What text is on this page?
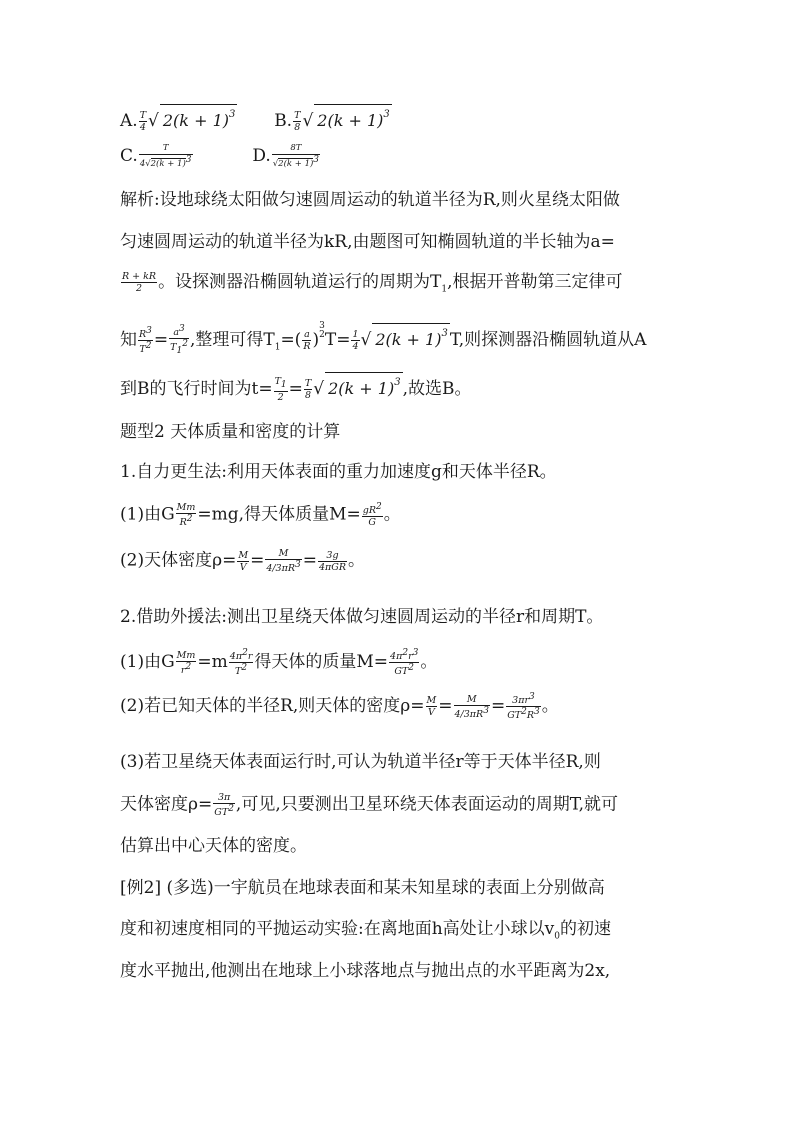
A. $\frac{T}{4}$ √ $2(k + 1)^3$ B. $\frac{T}{8}$ √ $2(k + 1)^3$
C. $\frac{T}{4√2(k + 1)^3}$	D. $\frac{8T}{√2(k + 1)^3}$
解析:设地球绕太阳做匀速圆周运动的轨道半径为R,则火星绕太阳做
匀速圆周运动的轨道半径为kR,由题图可知椭圆轨道的半长轴为a=
$\frac{R + kR}{2}$ 。设探测器沿椭圆轨道运行的周期为$T_1$,根据开普勒第三定律可
知 $\frac{R^3}{T^2} = \frac{a^3}{T_1^2}$ ,整理可得$T_1=( \frac{a}{R} )^{3 2}T= \frac{1}{4}$ √ $2(k + 1)^3$ T,则探测器沿椭圆轨道从A
到B的飞行时间为$t= \frac{T_1}{2} = \frac{T}{8}$ √ $2(k + 1)^3$ ,故选B。
题型2 天体质量和密度的计算
1.自力更生法:利用天体表面的重力加速度g和天体半径R。
(1)由G $\frac{Mm}{R^2} =mg$,得天体质量$M= \frac{gR^2}{G}$ 。
(2)天体密度$\rho= \frac{M}{V} = \frac{M}{4/3\pi R^3} = \frac{3g}{\text{4πGR}}$ 。
2.借助外援法:测出卫星绕天体做匀速圆周运动的半径r和周期T。
(1)由G $\frac{Mm}{r^2} =m \frac{4\pi^2r}{T^2}$ 得天体的质量$M= \frac{4\pi^2r^3}{GT^2}$ 。
(2)若已知天体的半径R,则天体的密度$\rho= \frac{M}{V} = \frac{M}{4/3\pi R^3} = \frac{3\pi r^3}{GT^2R^3}$ 。
(3)若卫星绕天体表面运行时,可认为轨道半径r等于天体半径R,则
天体密度$\rho= \frac{3\pi}{GT^2}$ ,可见,只要测出卫星环绕天体表面运动的周期T,就可
估算出中心天体的密度。
[例2] (多选)一宇航员在地球表面和某未知星球的表面上分别做高
度和初速度相同的平抛运动实验:在离地面h高处让小球以$v_0$的初速
度水平抛出,他测出在地球上小球落地点与抛出点的水平距离为2x,
